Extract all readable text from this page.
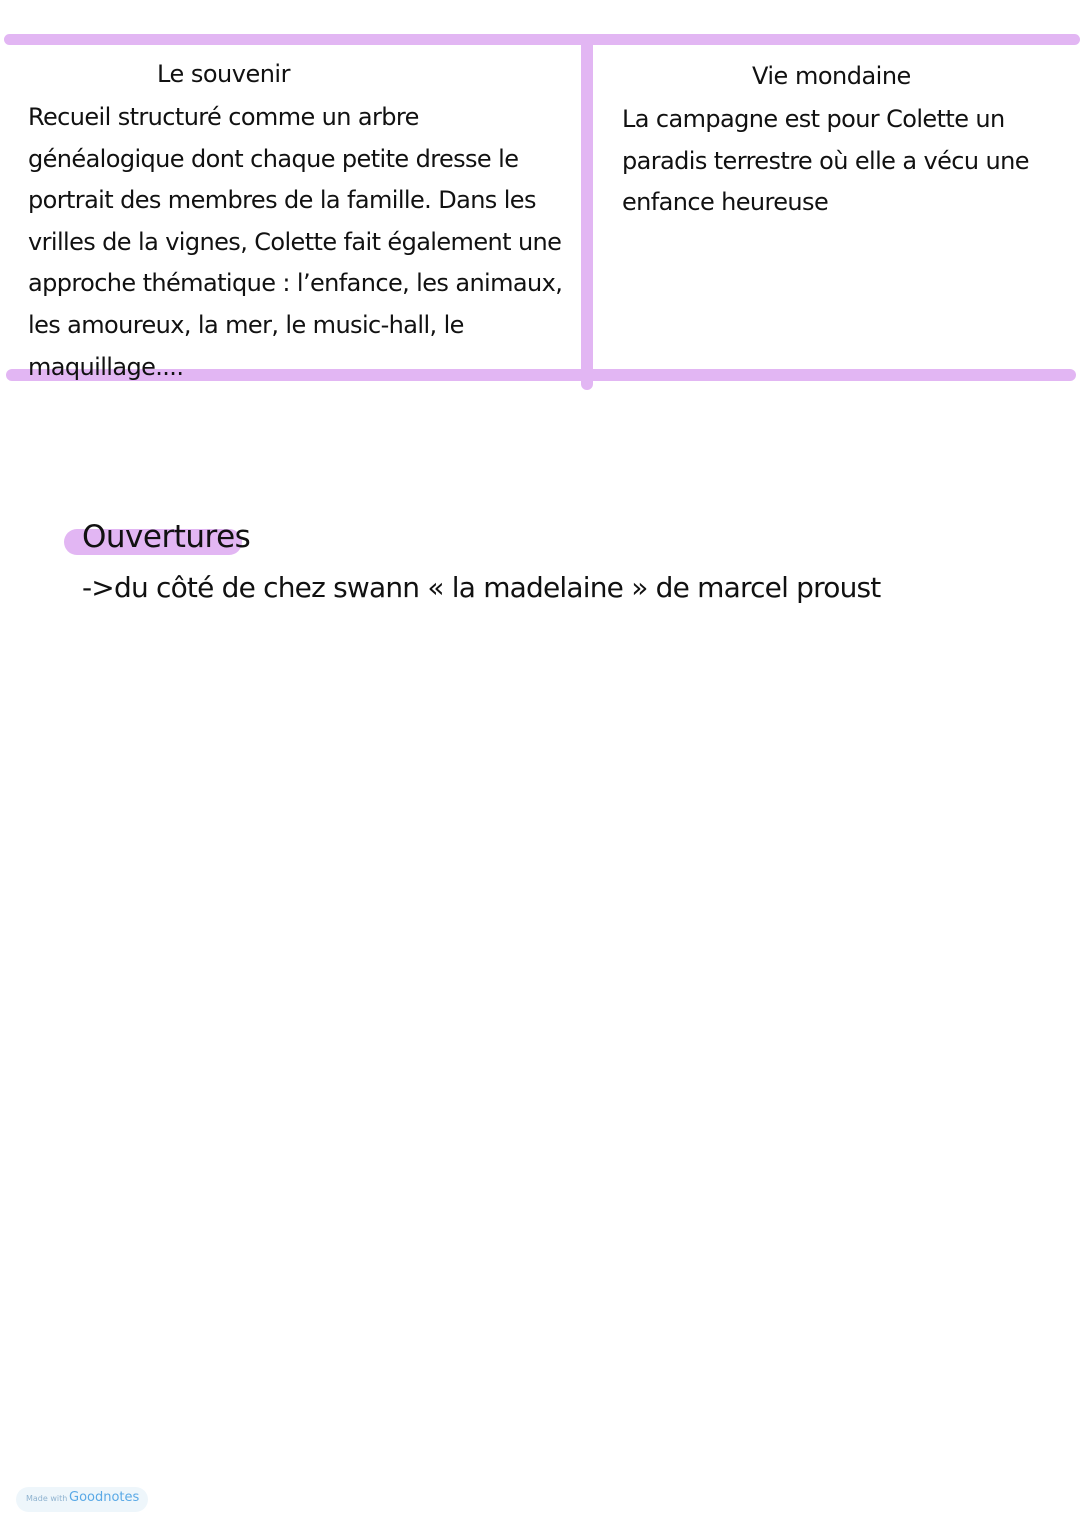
Le souvenir
Recueil structuré comme un arbre généalogique dont chaque petite dresse le portrait des membres de la famille. Dans les vrilles de la vignes, Colette fait également une approche thématique : l’enfance, les animaux, les amoureux, la mer, le music-hall, le maquillage....
Vie mondaine
La campagne est pour Colette un paradis terrestre où elle a vécu une enfance heureuse
Ouvertures
->du côté de chez swann « la madelaine » de marcel proust
Made with Goodnotes
